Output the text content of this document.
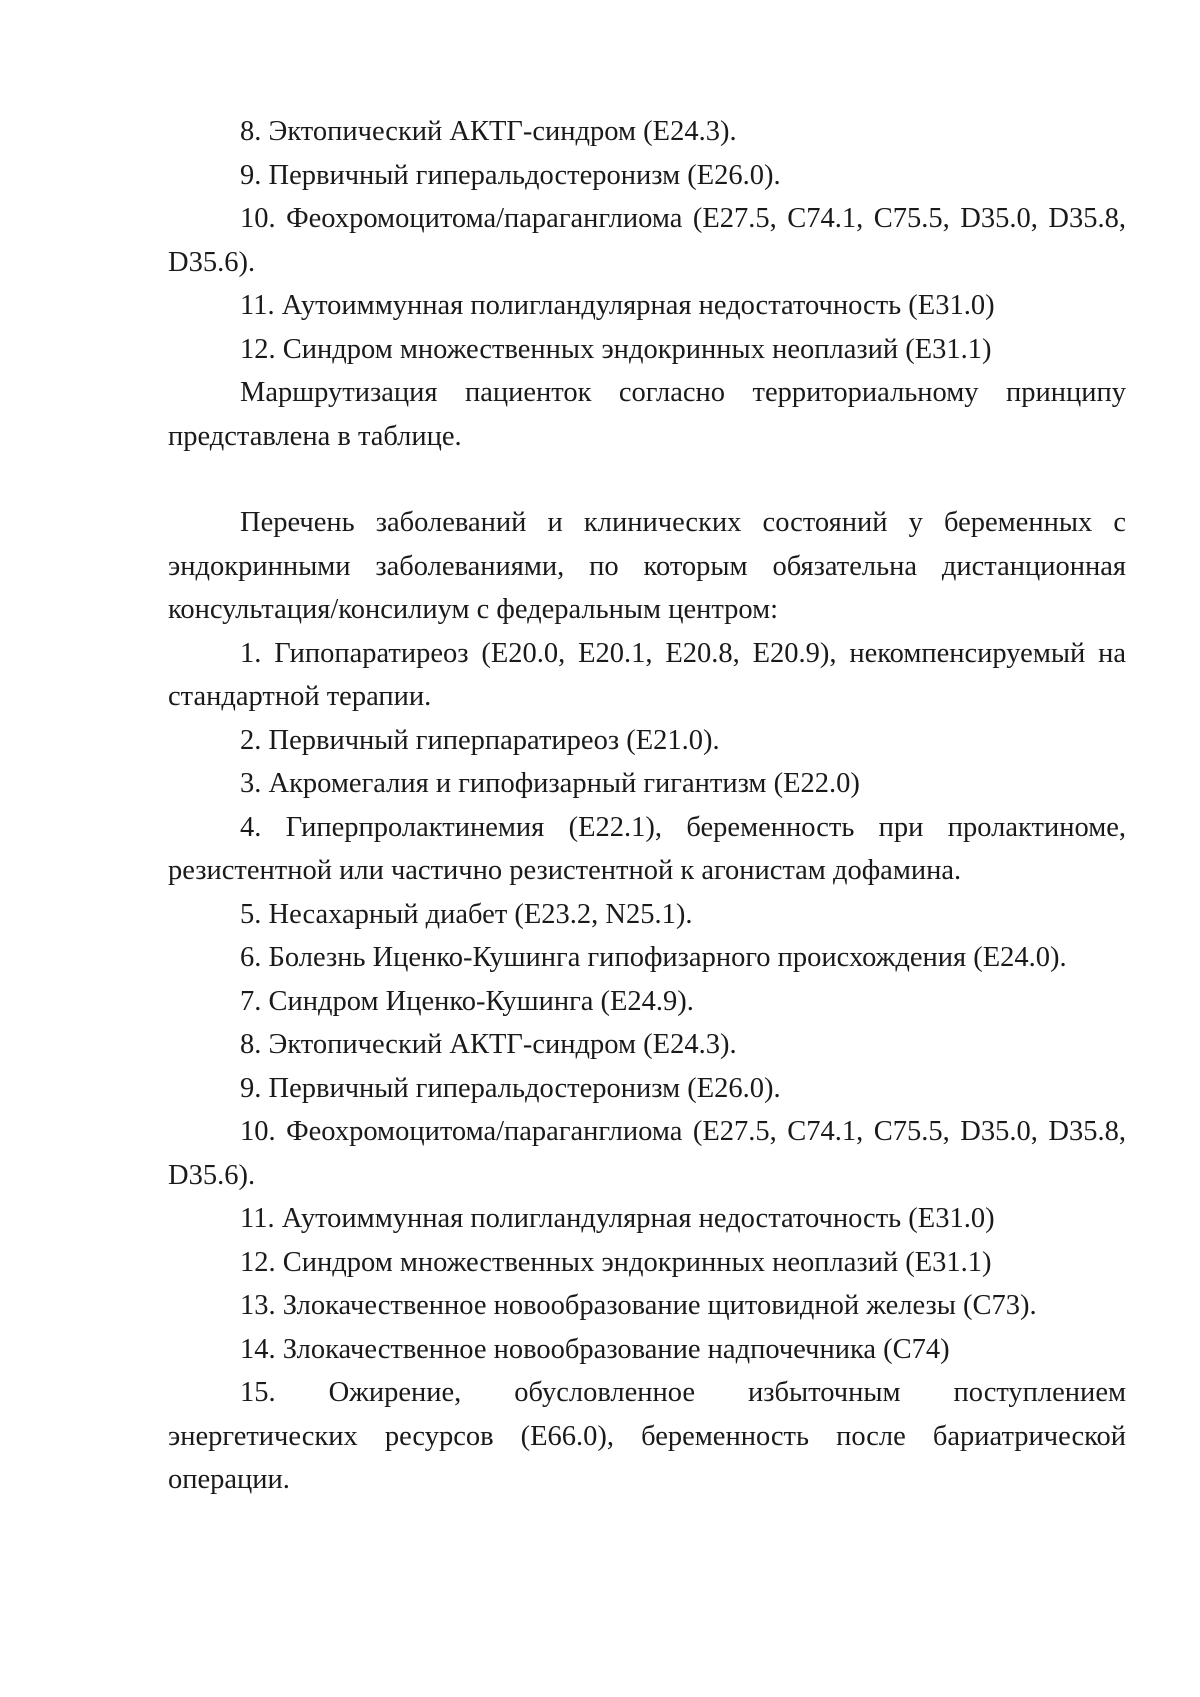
8. Эктопический АКТГ-синдром (E24.3).

9. Первичный гиперальдостеронизм (E26.0).

10. Феохромоцитома/параганглиома (E27.5, C74.1, C75.5, D35.0, D35.8, D35.6).

11. Аутоиммунная полигландулярная недостаточность (E31.0)

12. Синдром множественных эндокринных неоплазий (E31.1)

Маршрутизация пациенток согласно территориальному принципу представлена в таблице.

Перечень заболеваний и клинических состояний у беременных с эндокринными заболеваниями, по которым обязательна дистанционная консультация/консилиум с федеральным центром:

1. Гипопаратиреоз (E20.0, E20.1, E20.8, E20.9), некомпенсируемый на стандартной терапии.

2. Первичный гиперпаратиреоз (E21.0).

3. Акромегалия и гипофизарный гигантизм (E22.0)

4. Гиперпролактинемия (E22.1), беременность при пролактиноме, резистентной или частично резистентной к агонистам дофамина.

5. Несахарный диабет (E23.2, N25.1).

6. Болезнь Иценко-Кушинга гипофизарного происхождения (E24.0).

7. Синдром Иценко-Кушинга (E24.9).

8. Эктопический АКТГ-синдром (E24.3).

9. Первичный гиперальдостеронизм (E26.0).

10. Феохромоцитома/параганглиома (E27.5, C74.1, C75.5, D35.0, D35.8, D35.6).

11. Аутоиммунная полигландулярная недостаточность (E31.0)

12. Синдром множественных эндокринных неоплазий (E31.1)

13. Злокачественное новообразование щитовидной железы (C73).

14. Злокачественное новообразование надпочечника (C74)

15. Ожирение, обусловленное избыточным поступлением энергетических ресурсов (E66.0), беременность после бариатрической операции.
